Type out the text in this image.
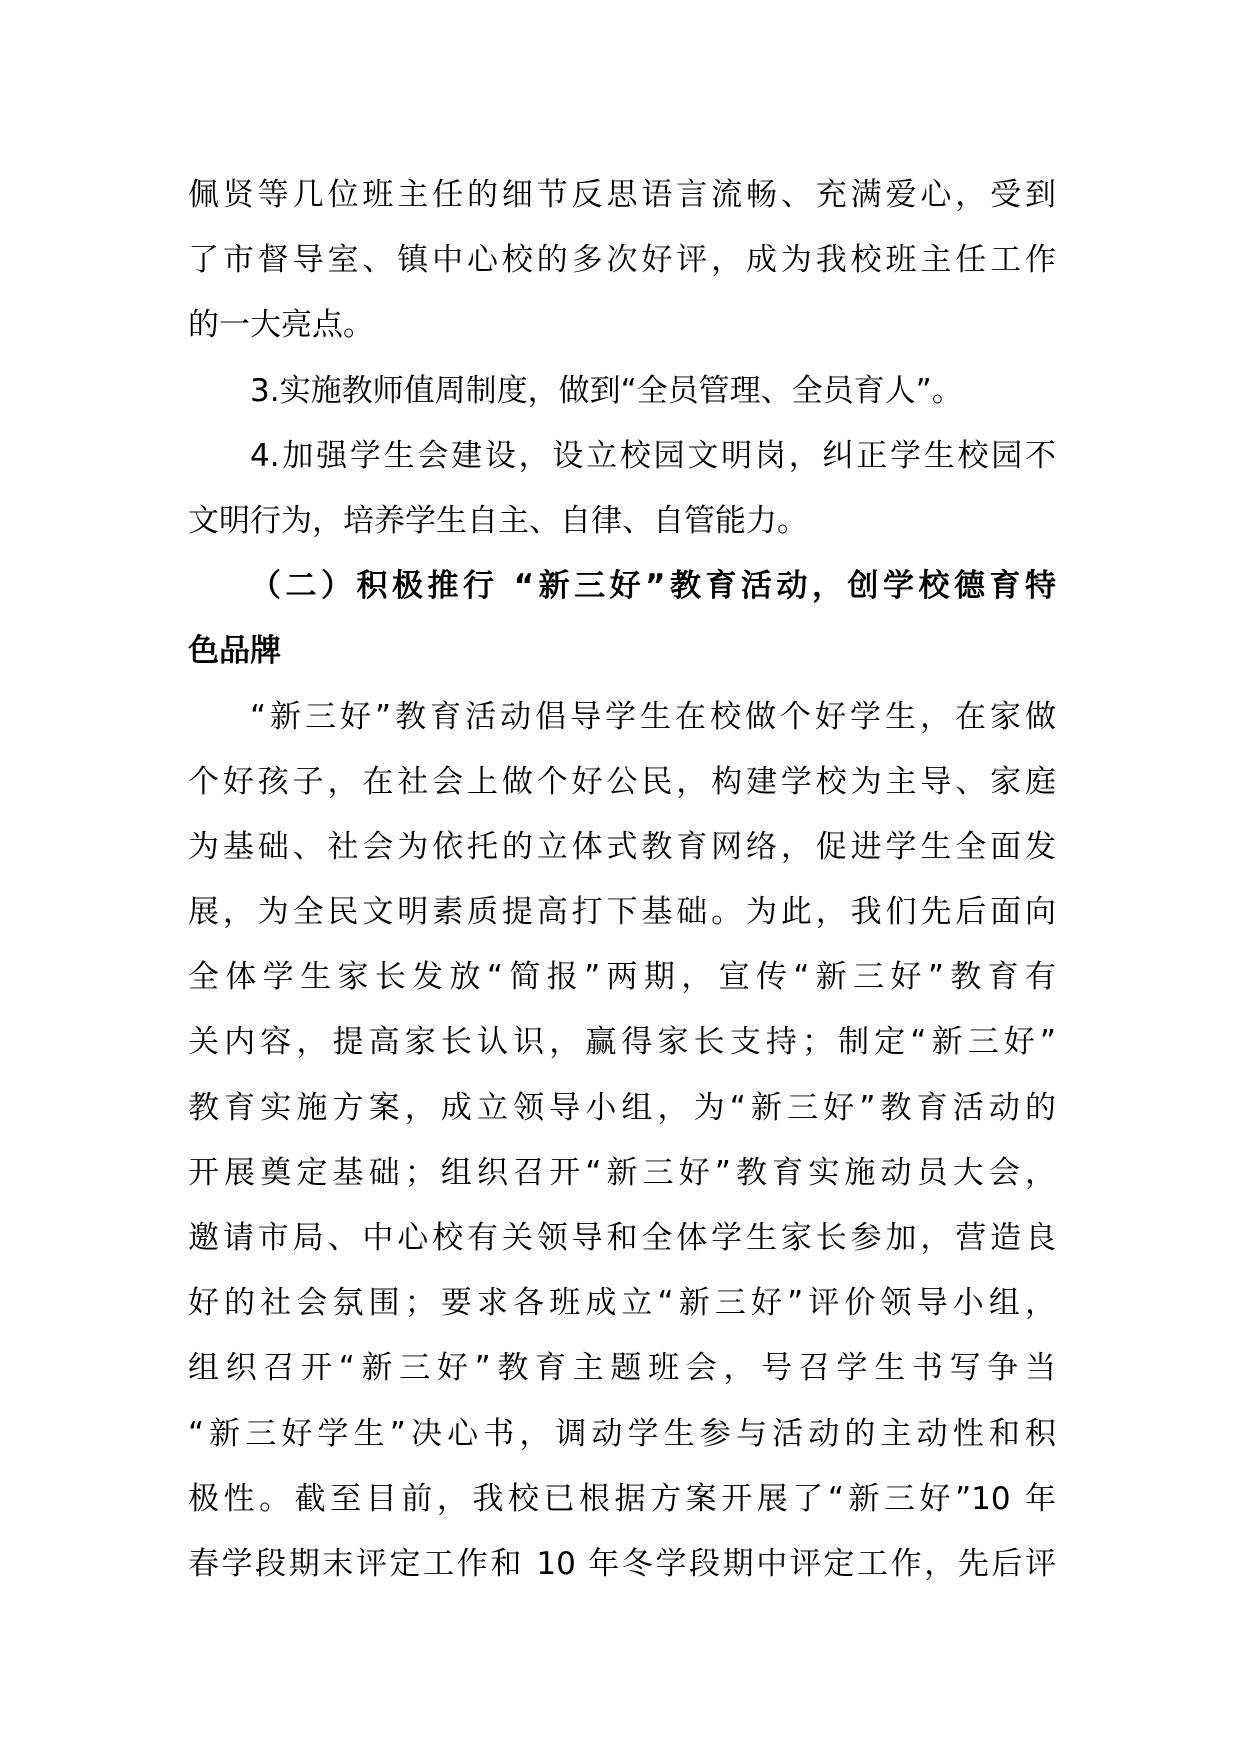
佩贤等几位班主任的细节反思语言流畅、充满爱心，受到
了市督导室、镇中心校的多次好评，成为我校班主任工作
的一大亮点。
3.实施教师值周制度，做到“全员管理、全员育人”。
4.加强学生会建设，设立校园文明岗，纠正学生校园不
文明行为，培养学生自主、自律、自管能力。
（二）积极推行 “新三好”教育活动，创学校德育特
色品牌
“新三好”教育活动倡导学生在校做个好学生，在家做
个好孩子，在社会上做个好公民，构建学校为主导、家庭
为基础、社会为依托的立体式教育网络，促进学生全面发
展，为全民文明素质提高打下基础。为此，我们先后面向
全体学生家长发放“简报”两期，宣传“新三好”教育有
关内容，提高家长认识，赢得家长支持；制定“新三好”
教育实施方案，成立领导小组，为“新三好”教育活动的
开展奠定基础；组织召开“新三好”教育实施动员大会，
邀请市局、中心校有关领导和全体学生家长参加，营造良
好的社会氛围；要求各班成立“新三好”评价领导小组，
组织召开“新三好”教育主题班会，号召学生书写争当
“新三好学生”决心书，调动学生参与活动的主动性和积
极性。截至目前，我校已根据方案开展了“新三好”10 年
春学段期末评定工作和 10 年冬学段期中评定工作，先后评
